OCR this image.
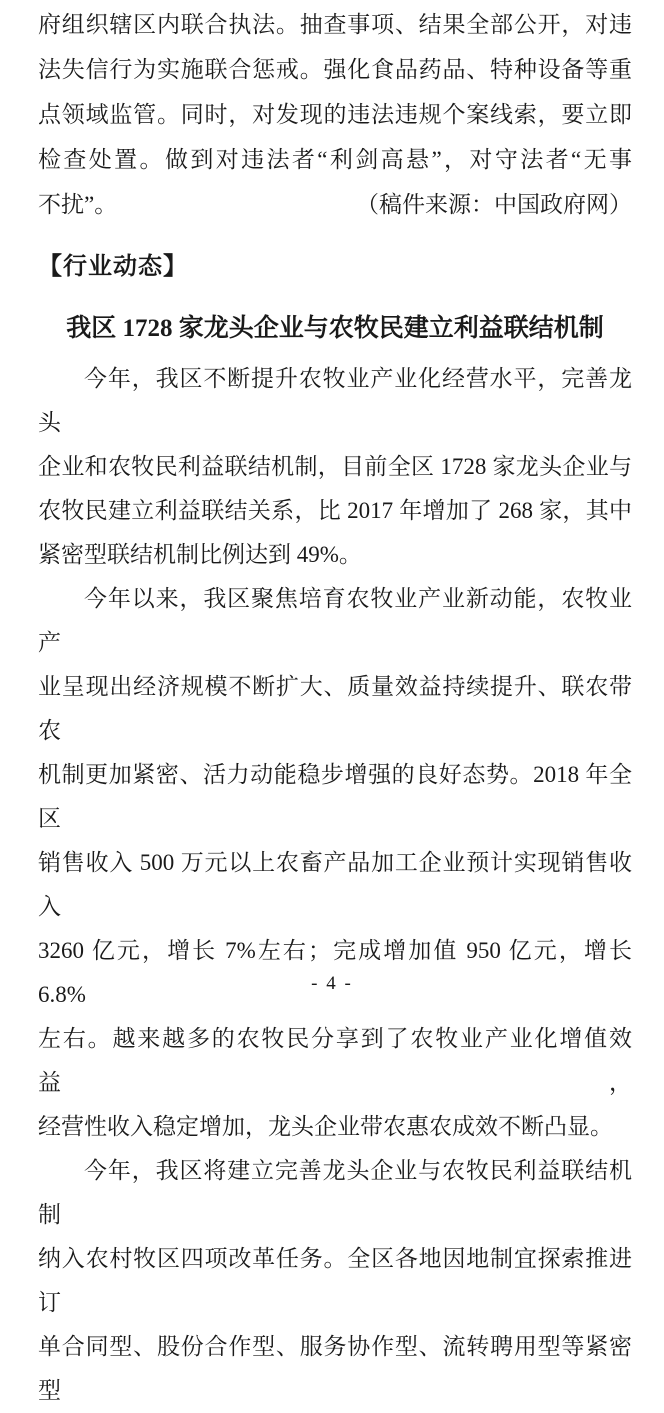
府组织辖区内联合执法。抽查事项、结果全部公开，对违
法失信行为实施联合惩戒。强化食品药品、特种设备等重
点领域监管。同时，对发现的违法违规个案线索，要立即
检查处置。做到对违法者“利剑高悬”，对守法者“无事
不扰”。	（稿件来源：中国政府网）
【行业动态】
我区 1728 家龙头企业与农牧民建立利益联结机制
今年，我区不断提升农牧业产业化经营水平，完善龙头
企业和农牧民利益联结机制，目前全区 1728 家龙头企业与
农牧民建立利益联结关系，比 2017 年增加了 268 家，其中
紧密型联结机制比例达到 49%。
今年以来，我区聚焦培育农牧业产业新动能，农牧业产
业呈现出经济规模不断扩大、质量效益持续提升、联农带农
机制更加紧密、活力动能稳步增强的良好态势。2018 年全区
销售收入 500 万元以上农畜产品加工企业预计实现销售收入
3260 亿元，增长 7%左右；完成增加值 950 亿元，增长 6.8%
左右。越来越多的农牧民分享到了农牧业产业化增值效益，
经营性收入稳定增加，龙头企业带农惠农成效不断凸显。
今年，我区将建立完善龙头企业与农牧民利益联结机制
纳入农村牧区四项改革任务。全区各地因地制宜探索推进订
单合同型、股份合作型、服务协作型、流转聘用型等紧密型
- 4 -
